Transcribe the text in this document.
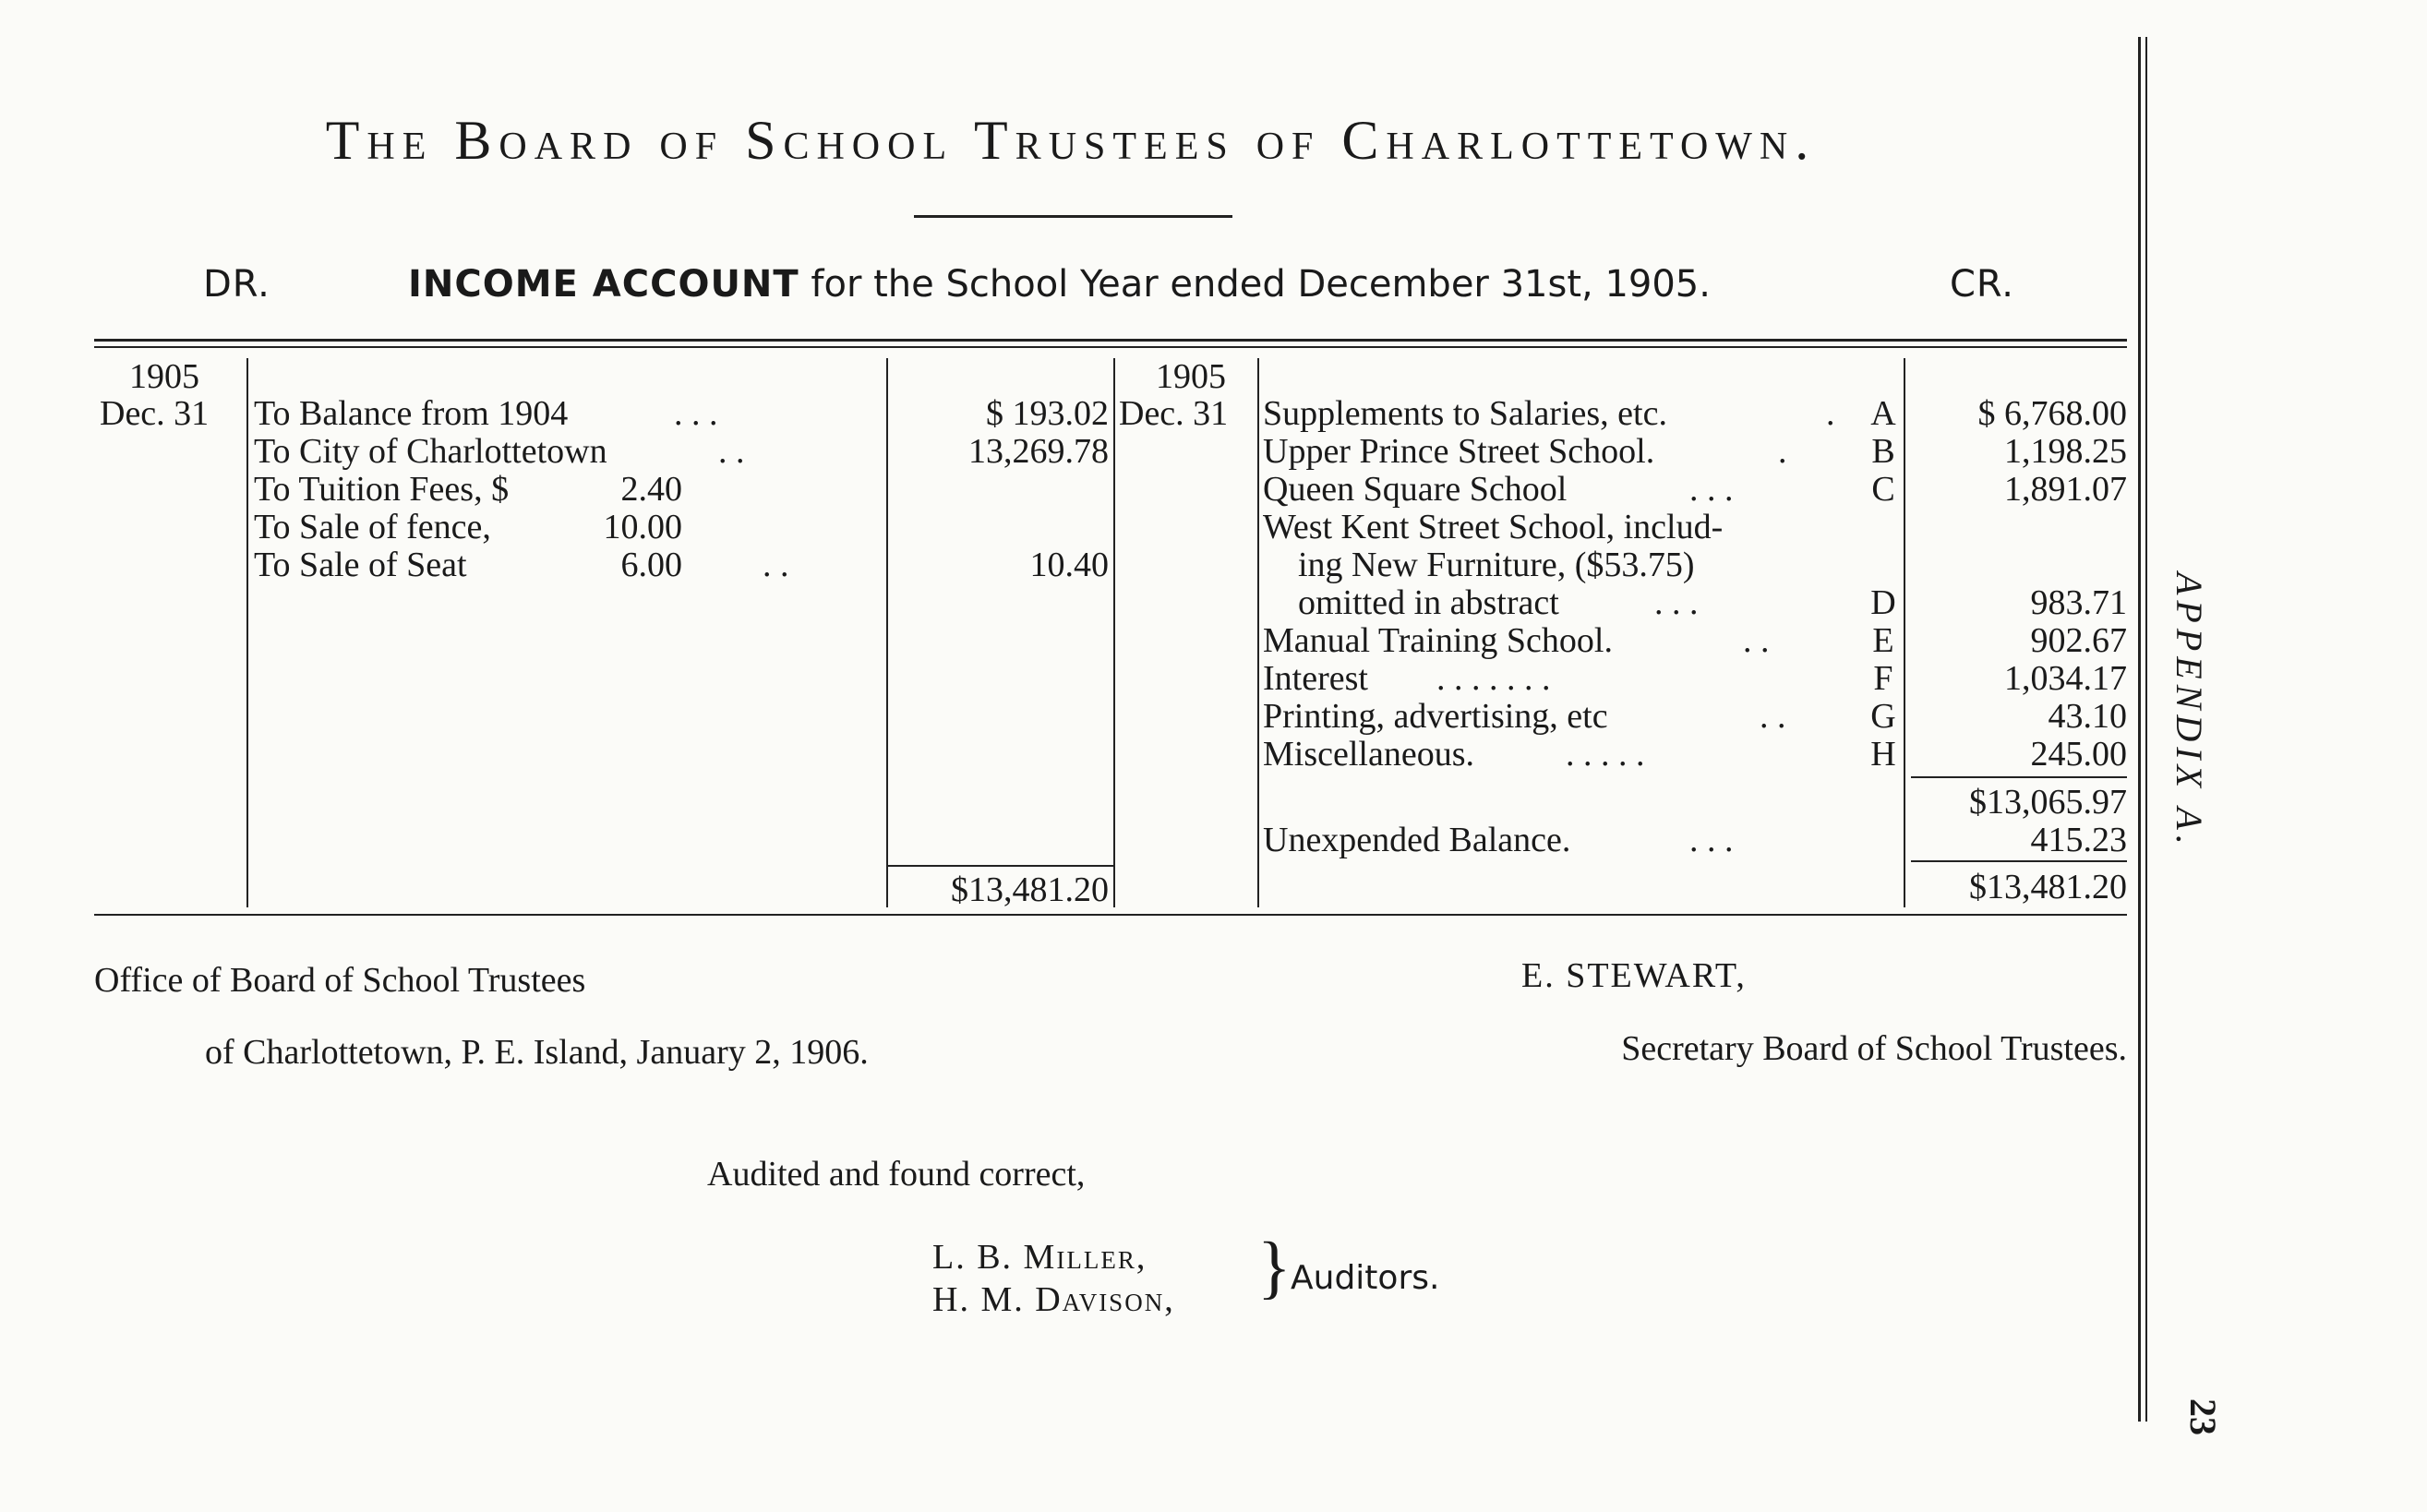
The Board of School Trustees of Charlottetown.
DR.	INCOME ACCOUNT for the School Year ended December 31st, 1905.	CR.
1905
Dec. 31 To Balance from 1904	. . .	$ 193.02
To City of Charlottetown	. .	13,269.78
To Tuition Fees, $	2.40
To Sale of fence,	10.00
To Sale of Seat	6.00 . .	10.40
$13,481.20
1905
Dec. 31 Supplements to Salaries, etc.	. A $ 6,768.00
Upper Prince Street School.	. B	1,198.25
Queen Square School	. . .	C	1,891.07
West Kent Street School, includ-
ing New Furniture, ($53.75)
omitted in abstract	. . .	D	983.71
Manual Training School.	. .	E	902.67
Interest . . . . . . .	F	1,034.17
Printing, advertising, etc	. . G	43.10
Miscellaneous.	. . . . .	H	245.00
$13,065.97
Unexpended Balance.	. . .	415.23
$13,481.20
Office of Board of School Trustees
of Charlottetown, P. E. Island, January 2, 1906.
E. STEWART,
Secretary Board of School Trustees.
Audited and found correct,
L. B. Miller,
H. M. Davison, } Auditors.
APPENDIX A.
23
